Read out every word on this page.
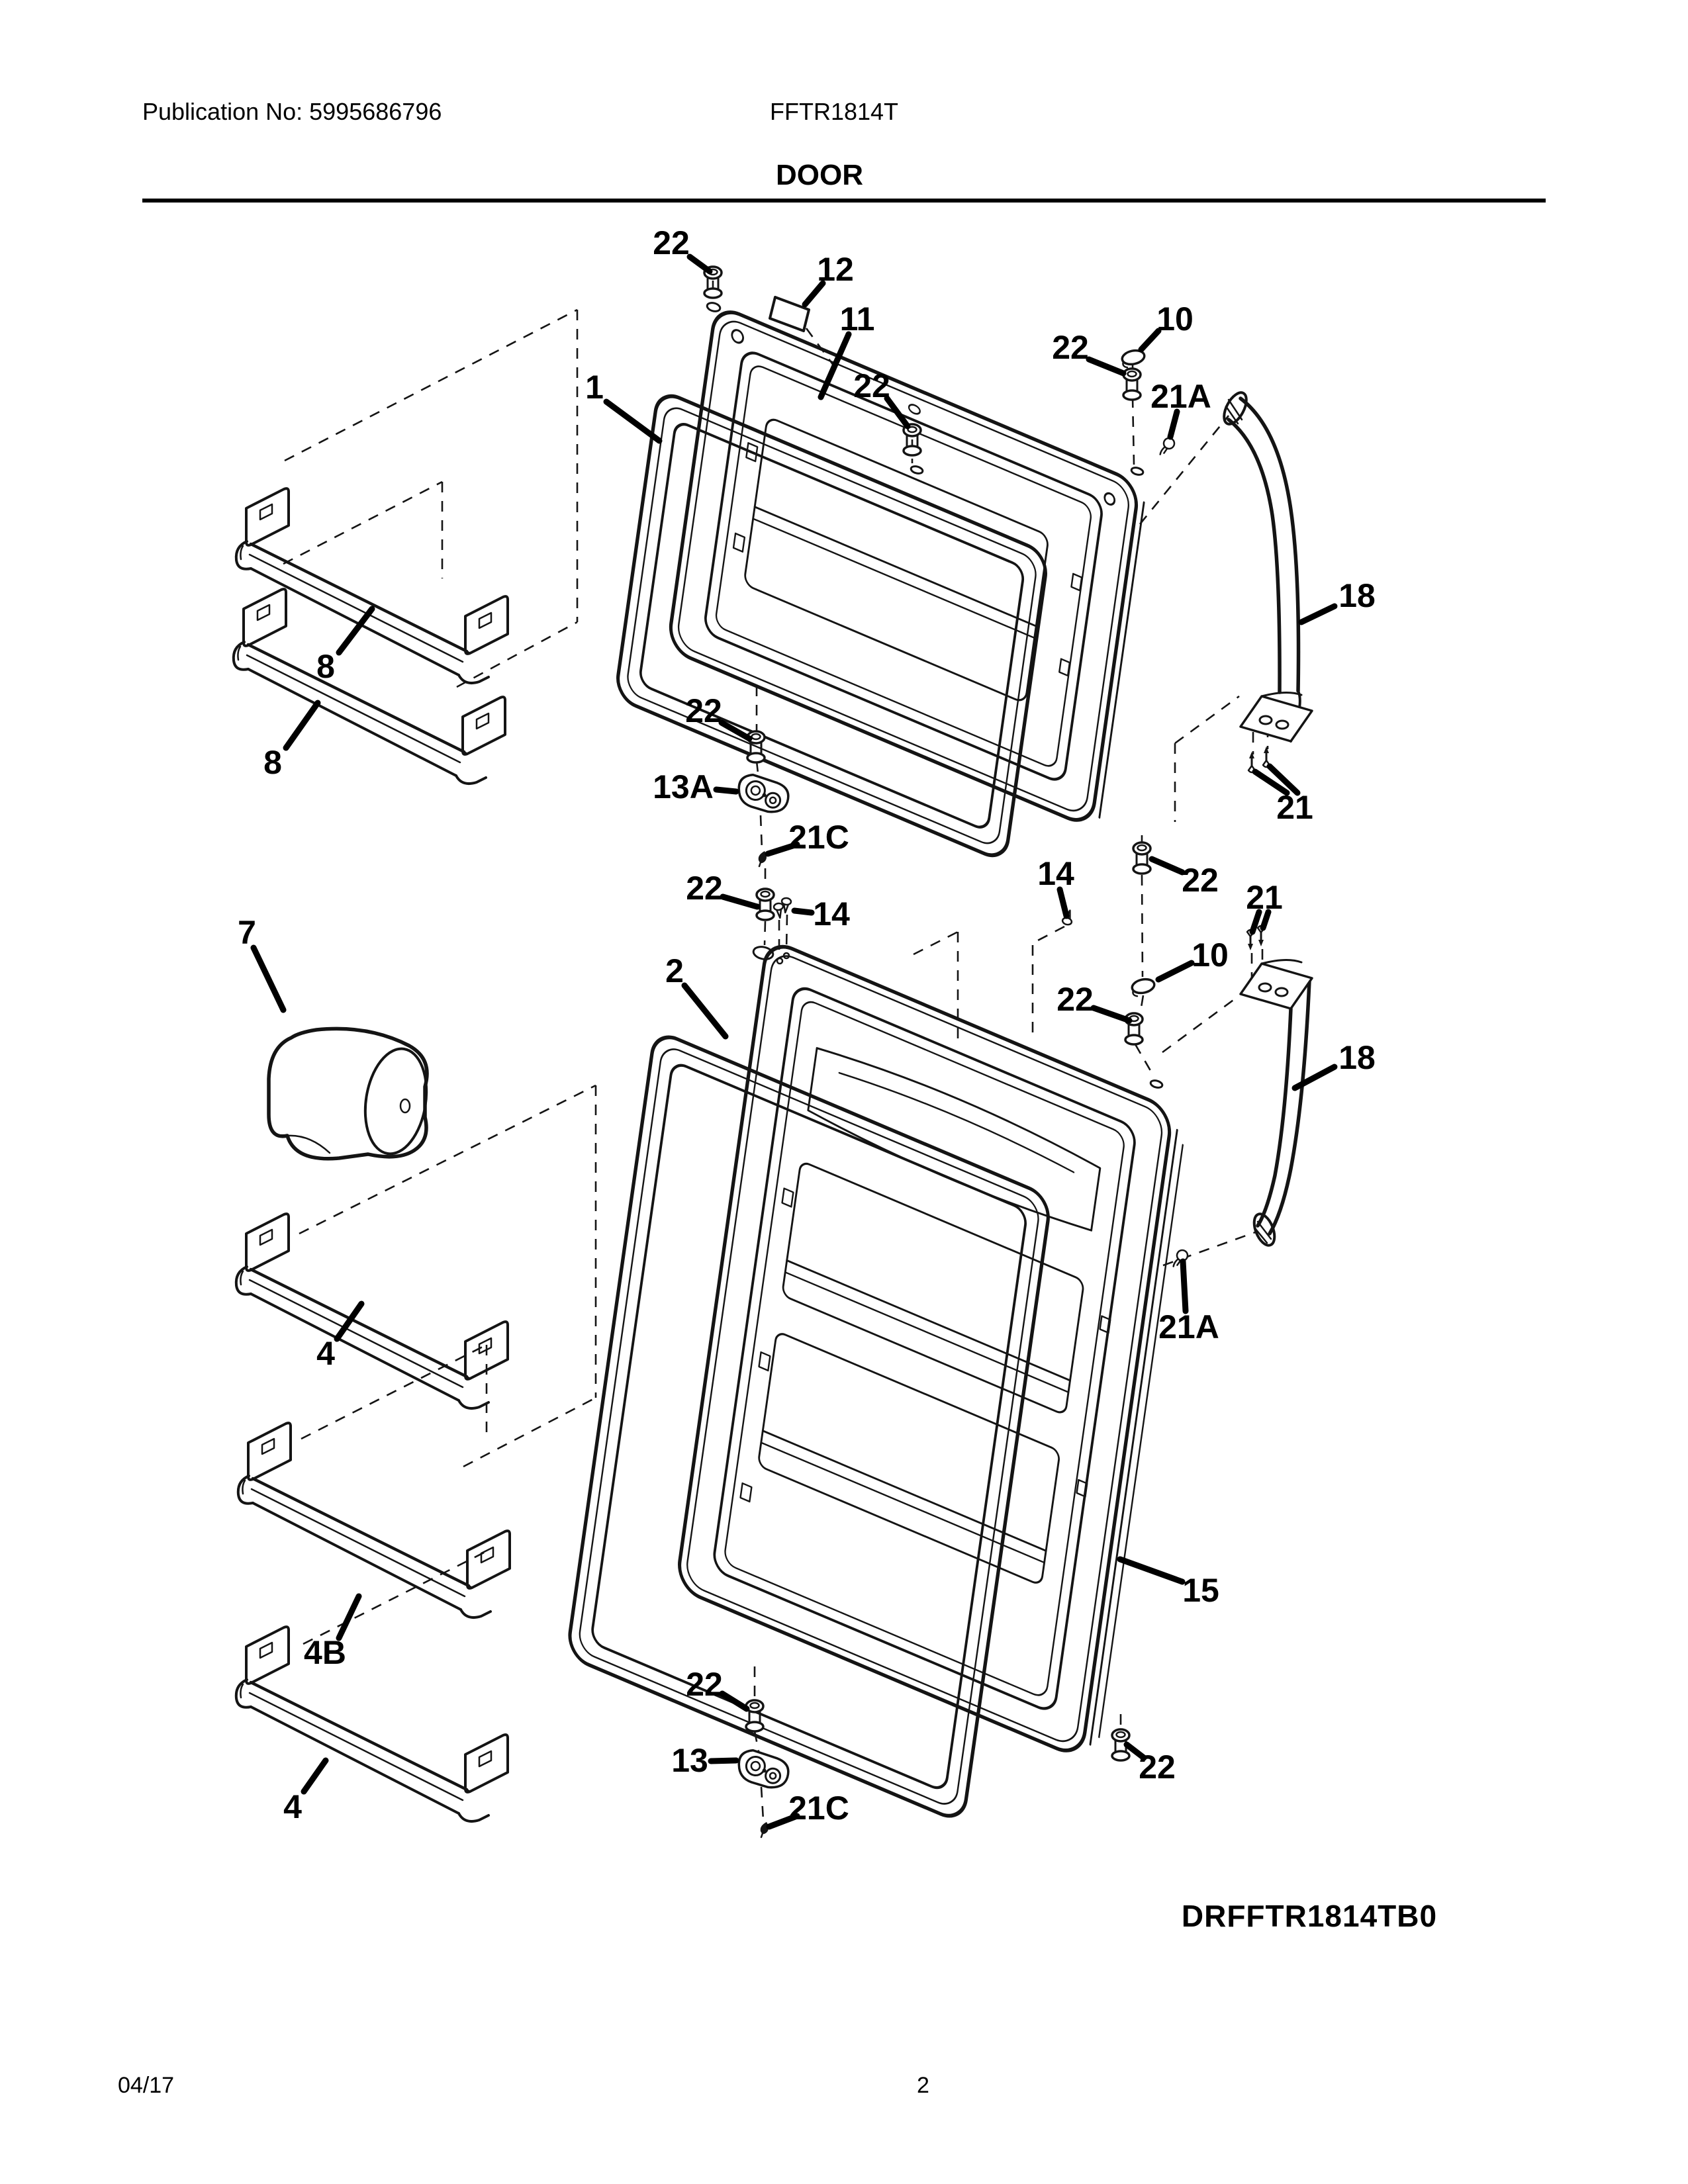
Publication No: 5995686796	FFTR1814T
DOOR
22
12
11
22
10
22
21A
18
1
8
8
22
13A
21C
21
14	22
14
22
2
21
10
22
18
7
21A
4
4B
4
22
13
21C
15
22
DRFFTR1814TB0
04/17	2
